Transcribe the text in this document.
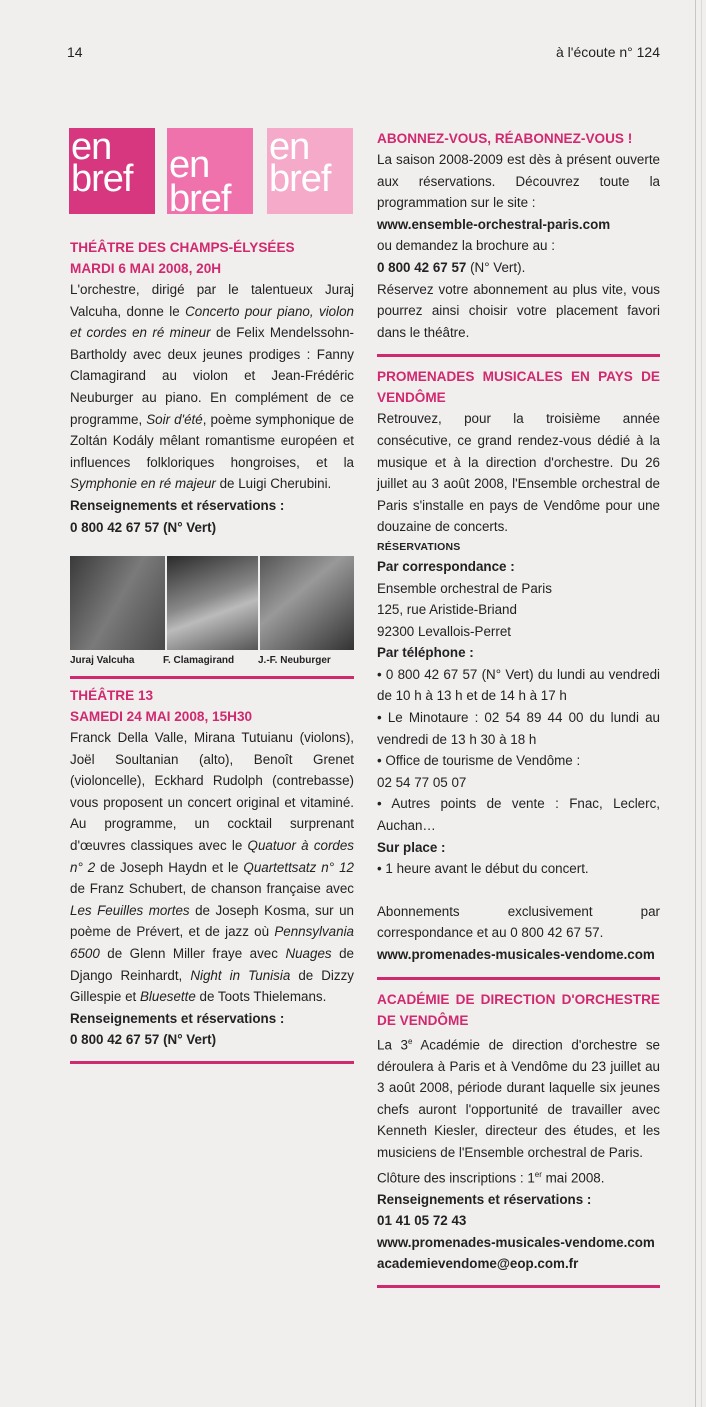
14	à l'écoute n° 124
en
bref en
bref
en
bref
THÉÂTRE DES CHAMPS-ÉLYSÉES
MARDI 6 MAI 2008, 20H

L'orchestre, dirigé par le talentueux Juraj Valcuha, donne le Concerto pour piano, violon et cordes en ré mineur de Felix Mendelssohn-Bartholdy avec deux jeunes prodiges : Fanny Clamagirand au violon et Jean-Frédéric Neuburger au piano. En complément de ce programme, Soir d'été, poème symphonique de Zoltán Kodály mêlant romantisme européen et influences folkloriques hongroises, et la Symphonie en ré majeur de Luigi Cherubini.

Renseignements et réservations :

0 800 42 67 57 (N° Vert)

Juraj Valcuha	F. Clamagirand J.-F. Neuburger
THÉÂTRE 13
SAMEDI 24 MAI 2008, 15H30

Franck Della Valle, Mirana Tutuianu (violons), Joël Soultanian (alto), Benoît Grenet (violoncelle), Eckhard Rudolph (contrebasse) vous proposent un concert original et vitaminé. Au programme, un cocktail surprenant d'œuvres classiques avec le Quatuor à cordes n° 2 de Joseph Haydn et le Quartettsatz n° 12 de Franz Schubert, de chanson française avec Les Feuilles mortes de Joseph Kosma, sur un poème de Prévert, et de jazz où Pennsylvania 6500 de Glenn Miller fraye avec Nuages de Django Reinhardt, Night in Tunisia de Dizzy Gillespie et Bluesette de Toots Thielemans.

Renseignements et réservations :

0 800 42 67 57 (N° Vert)

ABONNEZ-VOUS, RÉABONNEZ-VOUS !

La saison 2008-2009 est dès à présent ouverte aux réservations. Découvrez toute la programmation sur le site :

www.ensemble-orchestral-paris.com

ou demandez la brochure au :

0 800 42 67 57 (N° Vert).

Réservez votre abonnement au plus vite, vous pourrez ainsi choisir votre placement favori dans le théâtre.

PROMENADES MUSICALES EN PAYS DE VENDÔME

Retrouvez, pour la troisième année consécutive, ce grand rendez-vous dédié à la musique et à la direction d'orchestre. Du 26 juillet au 3 août 2008, l'Ensemble orchestral de Paris s'installe en pays de Vendôme pour une douzaine de concerts.

RÉSERVATIONS

Par correspondance :

Ensemble orchestral de Paris

125, rue Aristide-Briand

92300 Levallois-Perret

Par téléphone :

• 0 800 42 67 57 (N° Vert) du lundi au vendredi de 10 h à 13 h et de 14 h à 17 h

• Le Minotaure : 02 54 89 44 00 du lundi au vendredi de 13 h 30 à 18 h

• Office de tourisme de Vendôme :

02 54 77 05 07

• Autres points de vente : Fnac, Leclerc, Auchan…

Sur place :

• 1 heure avant le début du concert.

Abonnements exclusivement par correspondance et au 0 800 42 67 57.

www.promenades-musicales-vendome.com

ACADÉMIE DE DIRECTION D'ORCHESTRE DE VENDÔME

La 3e Académie de direction d'orchestre se déroulera à Paris et à Vendôme du 23 juillet au 3 août 2008, période durant laquelle six jeunes chefs auront l'opportunité de travailler avec Kenneth Kiesler, directeur des études, et les musiciens de l'Ensemble orchestral de Paris.

Clôture des inscriptions : 1er mai 2008.

Renseignements et réservations :

01 41 05 72 43

www.promenades-musicales-vendome.com

academievendome@eop.com.fr
